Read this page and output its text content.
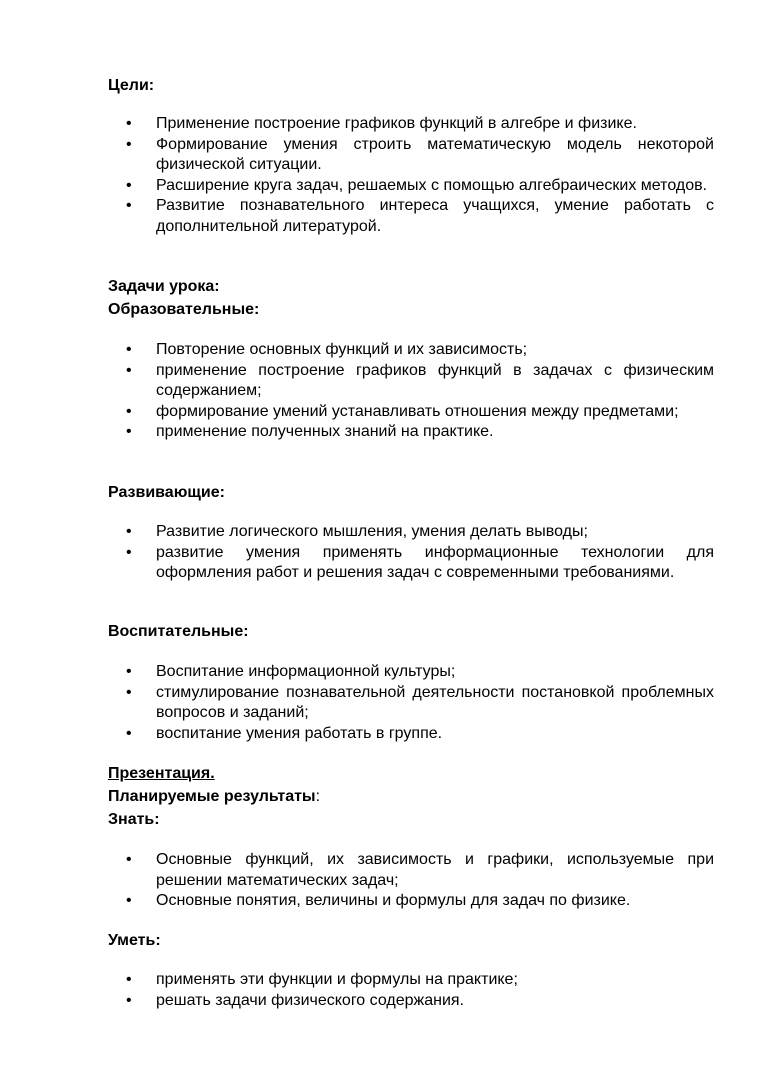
Цели:
• Применение построение графиков функций в алгебре и физике.
• Формирование умения строить математическую модель некоторой физической ситуации.
• Расширение круга задач, решаемых с помощью алгебраических методов.
• Развитие познавательного интереса учащихся, умение работать с дополнительной литературой.
Задачи урока:
Образовательные:
• Повторение основных функций и их зависимость;
• применение построение графиков функций в задачах с физическим содержанием;
• формирование умений устанавливать отношения между предметами;
• применение полученных знаний на практике.
Развивающие:
• Развитие логического мышления, умения делать выводы;
• развитие умения применять информационные технологии для оформления работ и решения задач с современными требованиями.
Воспитательные:
• Воспитание информационной культуры;
• стимулирование познавательной деятельности постановкой проблемных вопросов и заданий;
• воспитание умения работать в группе.
Презентация.
Планируемые результаты:
Знать:
• Основные функций, их зависимость и графики, используемые при решении математических задач;
• Основные понятия, величины и формулы для задач по физике.
Уметь:
• применять эти функции и формулы на практике;
• решать задачи физического содержания.
